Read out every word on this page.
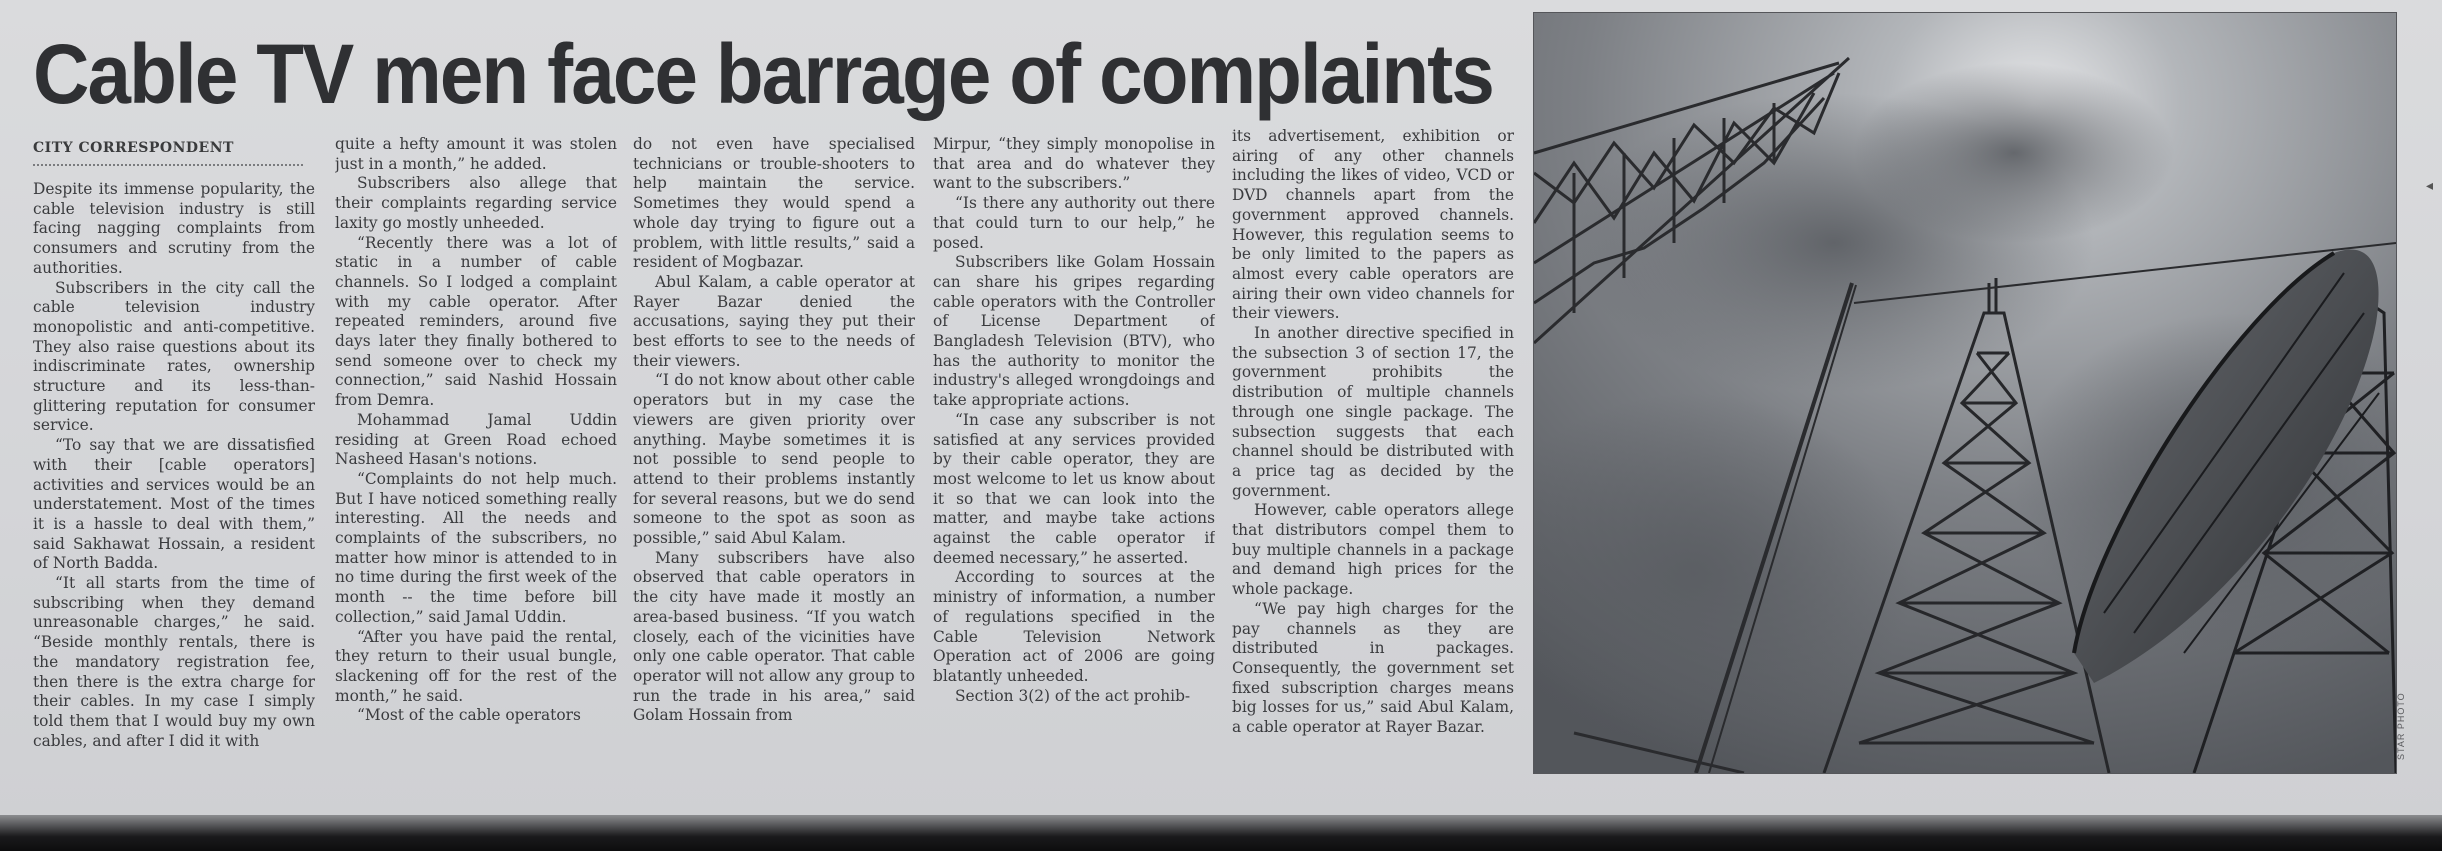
Cable TV men face barrage of complaints
CITY CORRESPONDENT

Despite its immense popularity, the cable television industry is still facing nagging complaints from consumers and scrutiny from the authorities.

Subscribers in the city call the cable television industry monopolistic and anti-competitive. They also raise questions about its indiscriminate rates, ownership structure and its less-than-glittering reputation for consumer service.

“To say that we are dissatisfied with their [cable operators] activities and services would be an understatement. Most of the times it is a hassle to deal with them,” said Sakhawat Hossain, a resident of North Badda.

“It all starts from the time of subscribing when they demand unreasonable charges,” he said. “Beside monthly rentals, there is the mandatory registration fee, then there is the extra charge for their cables. In my case I simply told them that I would buy my own cables, and after I did it with

quite a hefty amount it was stolen just in a month,” he added.

Subscribers also allege that their complaints regarding service laxity go mostly unheeded.

“Recently there was a lot of static in a number of cable channels. So I lodged a complaint with my cable operator. After repeated reminders, around five days later they finally bothered to send someone over to check my connection,” said Nashid Hossain from Demra.

Mohammad Jamal Uddin residing at Green Road echoed Nasheed Hasan's notions.

“Complaints do not help much. But I have noticed something really interesting. All the needs and complaints of the subscribers, no matter how minor is attended to in no time during the first week of the month -- the time before bill collection,” said Jamal Uddin.

“After you have paid the rental, they return to their usual bungle, slackening off for the rest of the month,” he said.

“Most of the cable operators

do not even have specialised technicians or trouble-shooters to help maintain the service. Sometimes they would spend a whole day trying to figure out a problem, with little results,” said a resident of Mogbazar.

Abul Kalam, a cable operator at Rayer Bazar denied the accusations, saying they put their best efforts to see to the needs of their viewers.

“I do not know about other cable operators but in my case the viewers are given priority over anything. Maybe sometimes it is not possible to send people to attend to their problems instantly for several reasons, but we do send someone to the spot as soon as possible,” said Abul Kalam.

Many subscribers have also observed that cable operators in the city have made it mostly an area-based business. “If you watch closely, each of the vicinities have only one cable operator. That cable operator will not allow any group to run the trade in his area,” said Golam Hossain from

Mirpur, “they simply monopolise in that area and do whatever they want to the subscribers.”

“Is there any authority out there that could turn to our help,” he posed.

Subscribers like Golam Hossain can share his gripes regarding cable operators with the Controller of License Department of Bangladesh Television (BTV), who has the authority to monitor the industry's alleged wrongdoings and take appropriate actions.

“In case any subscriber is not satisfied at any services provided by their cable operator, they are most welcome to let us know about it so that we can look into the matter, and maybe take actions against the cable operator if deemed necessary,” he asserted.

According to sources at the ministry of information, a number of regulations specified in the Cable Television Network Operation act of 2006 are going blatantly unheeded.

Section 3(2) of the act prohib-

its advertisement, exhibition or airing of any other channels including the likes of video, VCD or DVD channels apart from the government approved channels. However, this regulation seems to be only limited to the papers as almost every cable operators are airing their own video channels for their viewers.

In another directive specified in the subsection 3 of section 17, the government prohibits the distribution of multiple channels through one single package. The subsection suggests that each channel should be distributed with a price tag as decided by the government.

However, cable operators allege that distributors compel them to buy multiple channels in a package and demand high prices for the whole package.

“We pay high charges for the pay channels as they are distributed in packages. Consequently, the government set fixed subscription charges means big losses for us,” said Abul Kalam, a cable operator at Rayer Bazar.	STAR PHOTO
◂
